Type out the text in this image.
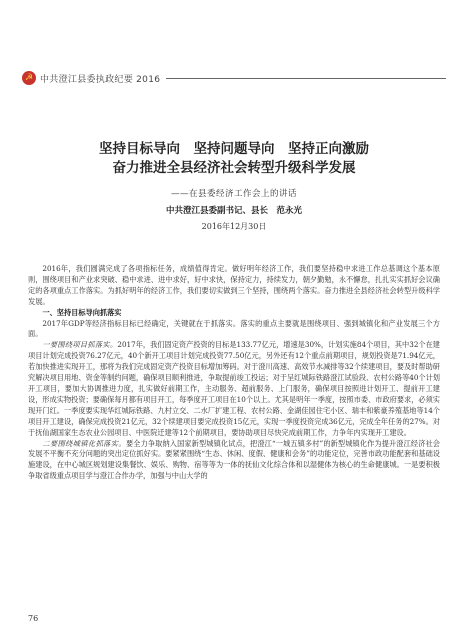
☭ 中共澄江县委执政纪要 2016
坚持目标导向　坚持问题导向　坚持正向激励
奋力推进全县经济社会转型升级科学发展
——在县委经济工作会上的讲话
中共澄江县委副书记、县长　范永光
2016年12月30日

2016年，我们圆满完成了各项指标任务，成绩值得肯定。做好明年经济工作，我们要坚持稳中求进工作总基调这个基本原则，围绕项目和产业求突破、稳中求进、进中求好，好中求快，保持定力，持续发力，朝夕勤勉，永不懈怠，扎扎实实抓好会议确定的各项重点工作落实。为抓好明年的经济工作，我们要切实做到三个坚持，围绕两个落实。奋力推进全县经济社会转型升级科学发展。

一、坚持目标导向抓落实

2017年GDP等经济指标目标已经确定，关键就在于抓落实。落实的重点主要就是围绕项目、强到城镇化和产业发展三个方面。

一要围绕项目抓落实。2017年，我们固定资产投资的目标是133.77亿元，增速是30%，计划实施84个项目，其中32个在建项目计划完成投资76.27亿元，40个新开工项目计划完成投资77.50亿元，另外还有12个重点前期项目，规划投资是71.94亿元，若加快推进实现开工，那将为我们完成固定资产投资目标增加筹码。对于澄川高速、高效节水减排等32个续建项目，要及时帮助研究解决项目用地、资金等制约问题，确保项目顺利推进，争取提前竣工投运；对于呈红城际铁路澄江试验段、农村公路等40个计划开工项目，要加大协调推进力度，扎实做好前期工作，主动服务、超前服务、上门服务，确保项目按照进计划开工、提前开工建设，形成实物投资；要确保每月都有项目开工，每季度开工项目在10个以上。尤其是明年一季度，按照市委、市政府要求，必须实现开门红。一季度要实现华红城际铁路、九村立交、二水厂扩建工程、农村公路、金湖佳园住宅小区、瑞丰和紫豪养殖基地等14个项目开工建设，确保完成投资21亿元，32个续建项目要完成投资15亿元，实现一季度投资完成36亿元，完成全年任务的27%。对于抚仙湖国家生态农业公园项目、中医院迁建等12个前期项目，要协助项目尽快完成前期工作，力争年内实现开工建设。

二要围绕城镇化抓落实。要全力争取纳入国家新型城镇化试点，把澄江“一城五镇多村”的新型城镇化作为提升澄江经济社会发展不平衡不充分问题的突出定位抓好实。要紧紧围绕“生态、休闲、度假、健康和会务”的功能定位，完善市政功能配套和基础设施建设，在中心城区规划建设集餐饮、娱乐、购物、宿等等为一体的抚仙文化综合体和以湿健体为核心的生命健康城。一是要积极争取省级重点项目学与澄江合作办学，加强与中山大学的

76
